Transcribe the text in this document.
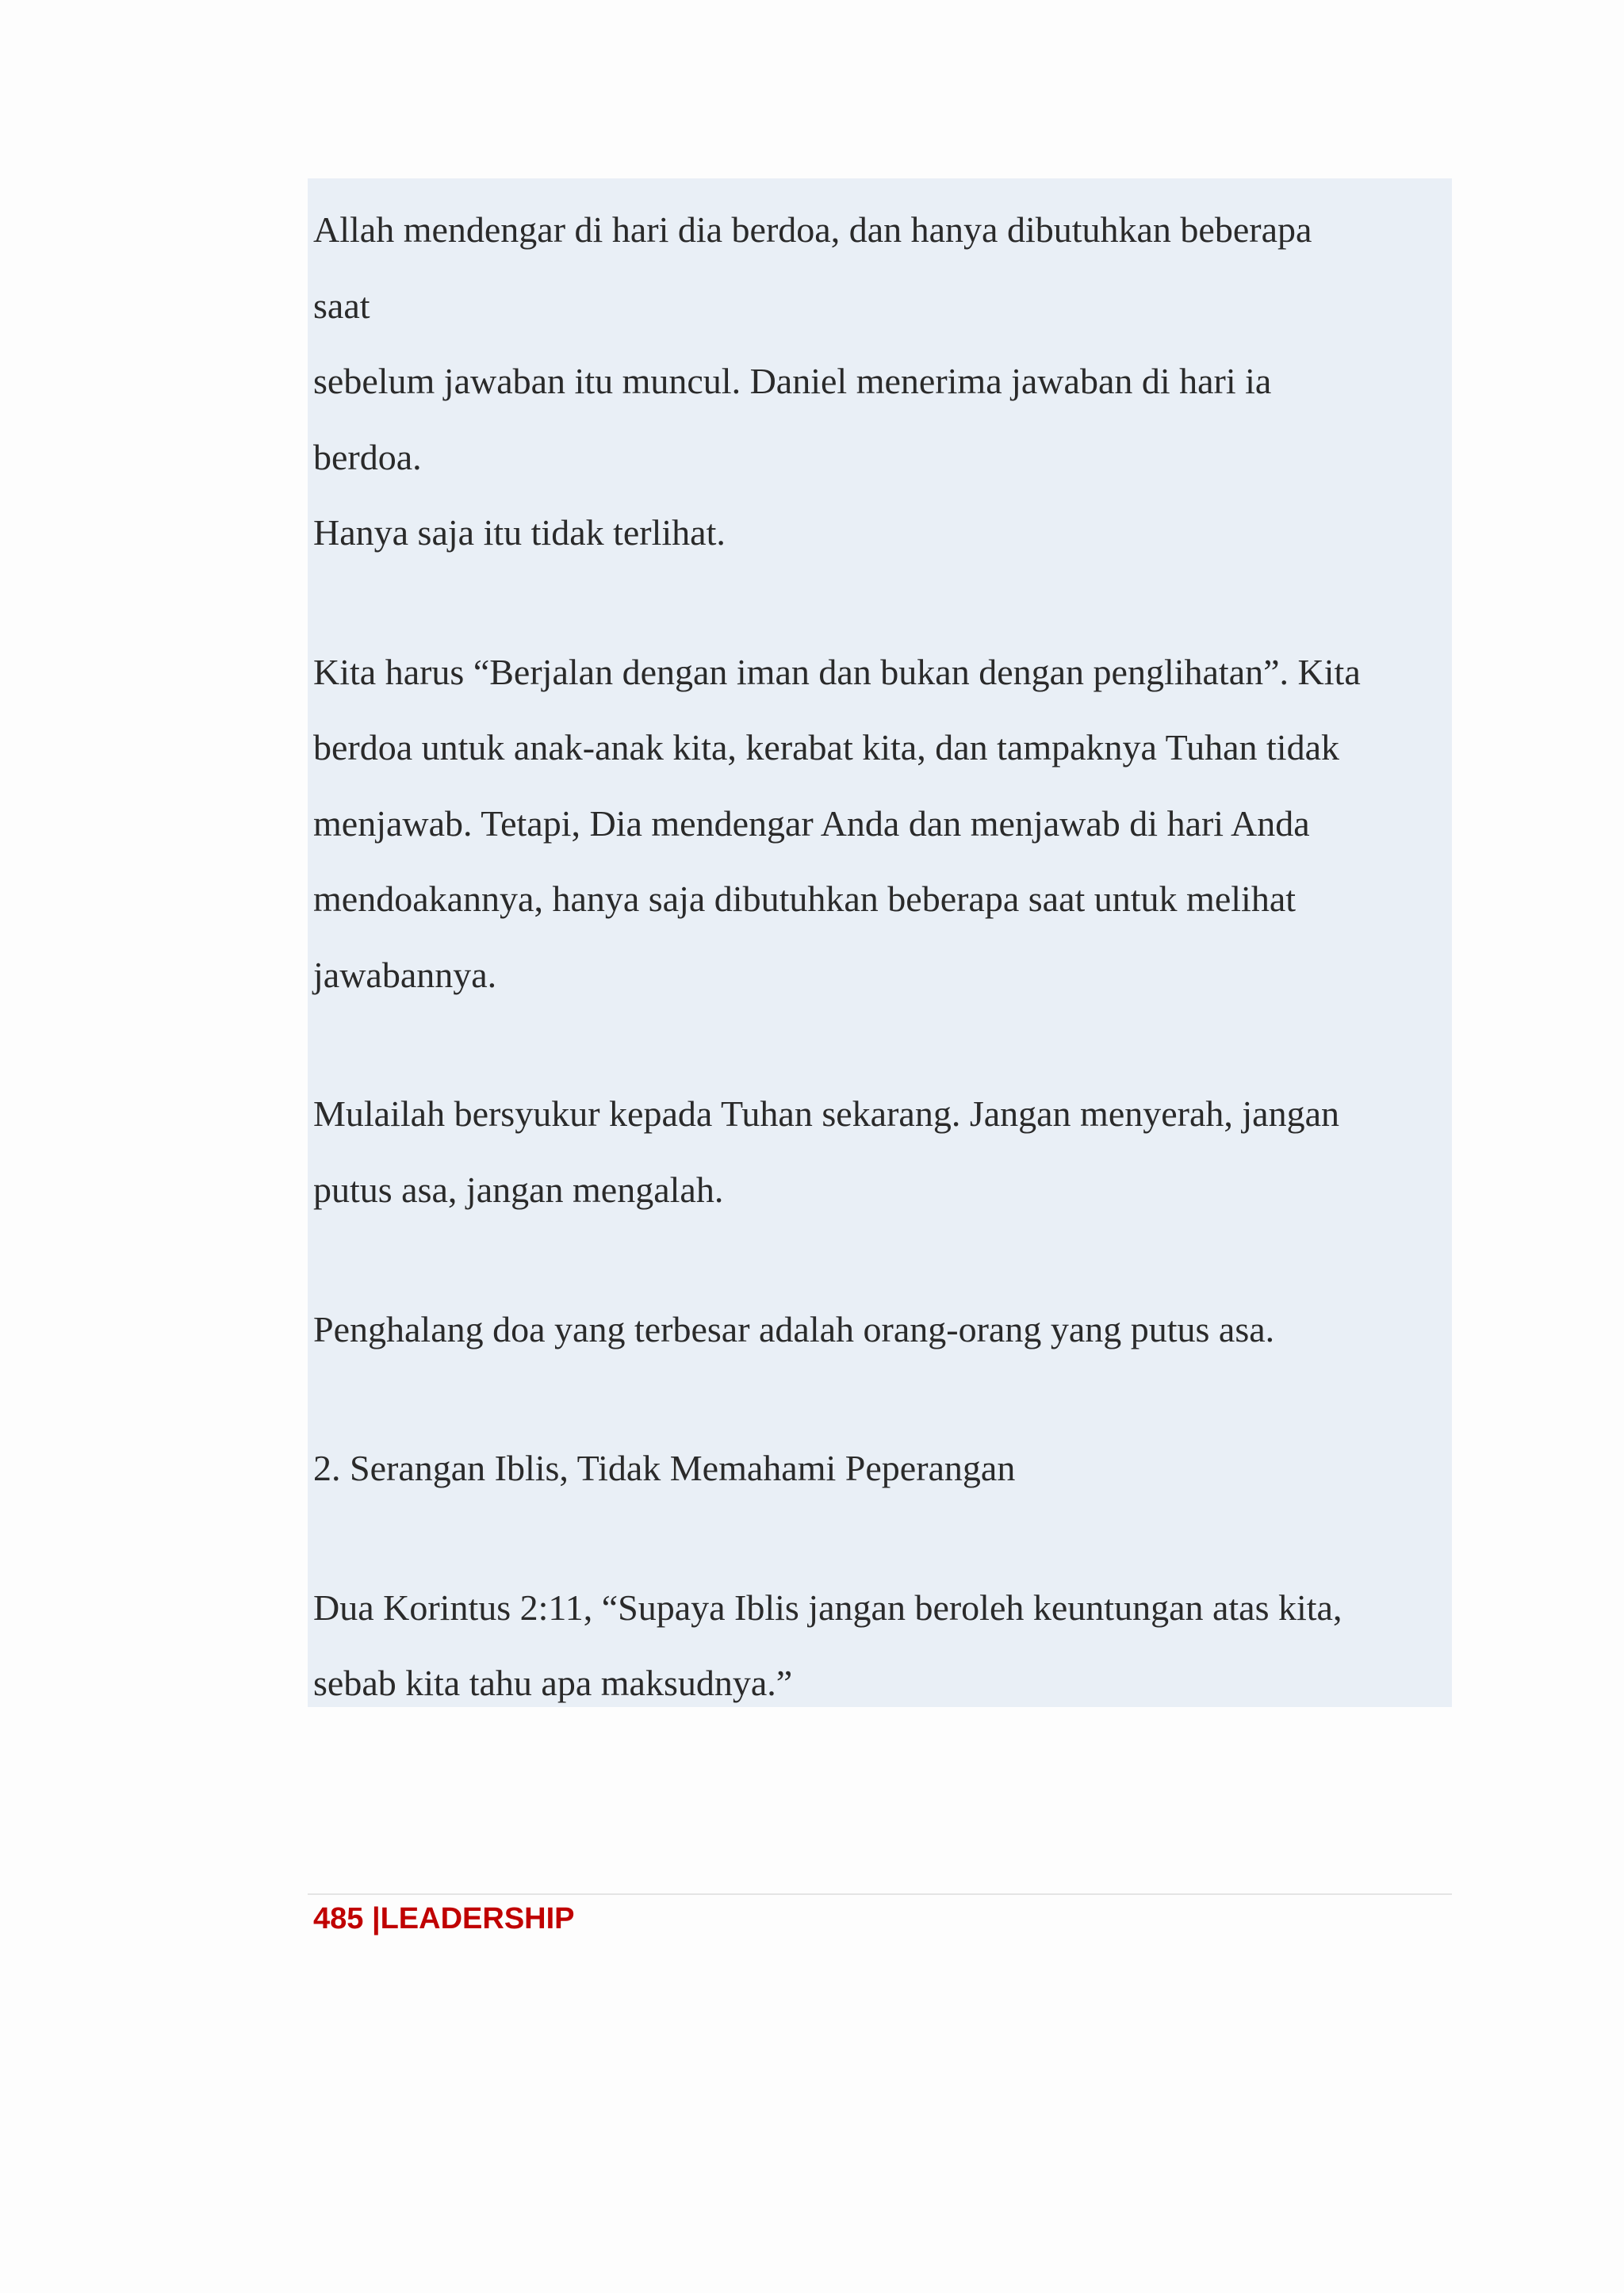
Allah mendengar di hari dia berdoa, dan hanya dibutuhkan beberapa

saat

sebelum jawaban itu muncul. Daniel menerima jawaban di hari ia

berdoa.

Hanya saja itu tidak terlihat.

Kita harus “Berjalan dengan iman dan bukan dengan penglihatan”. Kita

berdoa untuk anak-anak kita, kerabat kita, dan tampaknya Tuhan tidak

menjawab. Tetapi, Dia mendengar Anda dan menjawab di hari Anda

mendoakannya, hanya saja dibutuhkan beberapa saat untuk melihat

jawabannya.

Mulailah bersyukur kepada Tuhan sekarang. Jangan menyerah, jangan

putus asa, jangan mengalah.

Penghalang doa yang terbesar adalah orang-orang yang putus asa.

2. Serangan Iblis, Tidak Memahami Peperangan

Dua Korintus 2:11, “Supaya Iblis jangan beroleh keuntungan atas kita,

sebab kita tahu apa maksudnya.”

485 |LEADERSHIP
